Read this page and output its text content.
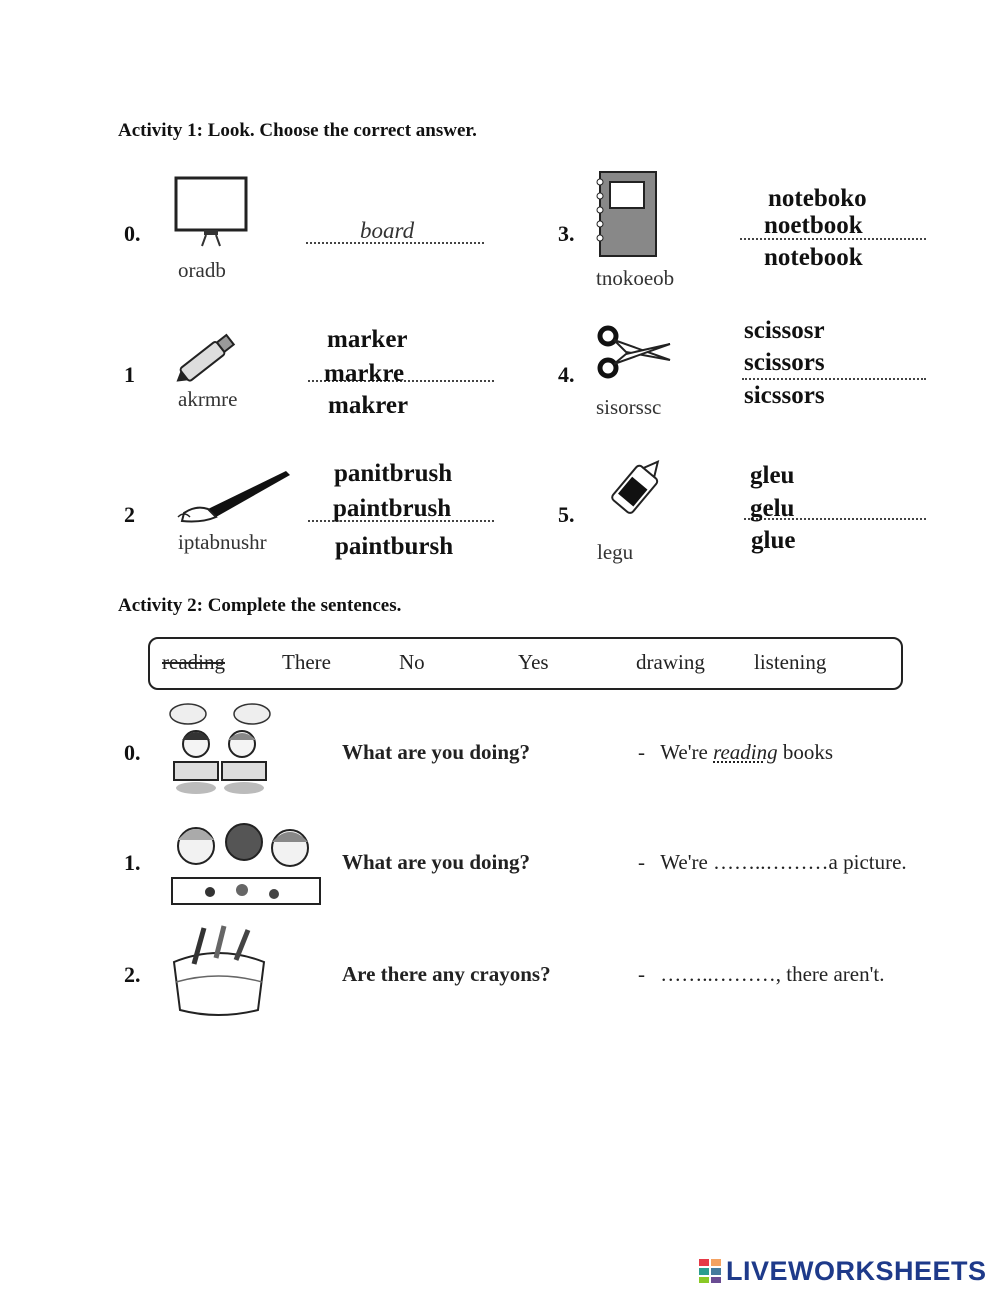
Activity 1: Look. Choose the correct answer.
0.
oradb
board
1
akrmre
marker
markre
makrer
2
iptabnushr
panitbrush
paintbrush
paintbursh
3.
tnokoeob
noteboko
noetbook
notebook
4.
sisorssc
scissosr
scissors
sicssors
5.
legu
gleu
gelu
glue
Activity 2: Complete the sentences.
reading	There	No	Yes	drawing listening
0.	What are you doing?	- We're reading books
1.	What are you doing?	- We're ……..………a picture.
2.	Are there any crayons?	- ……..………, there aren't.
LIVEWORKSHEETS
